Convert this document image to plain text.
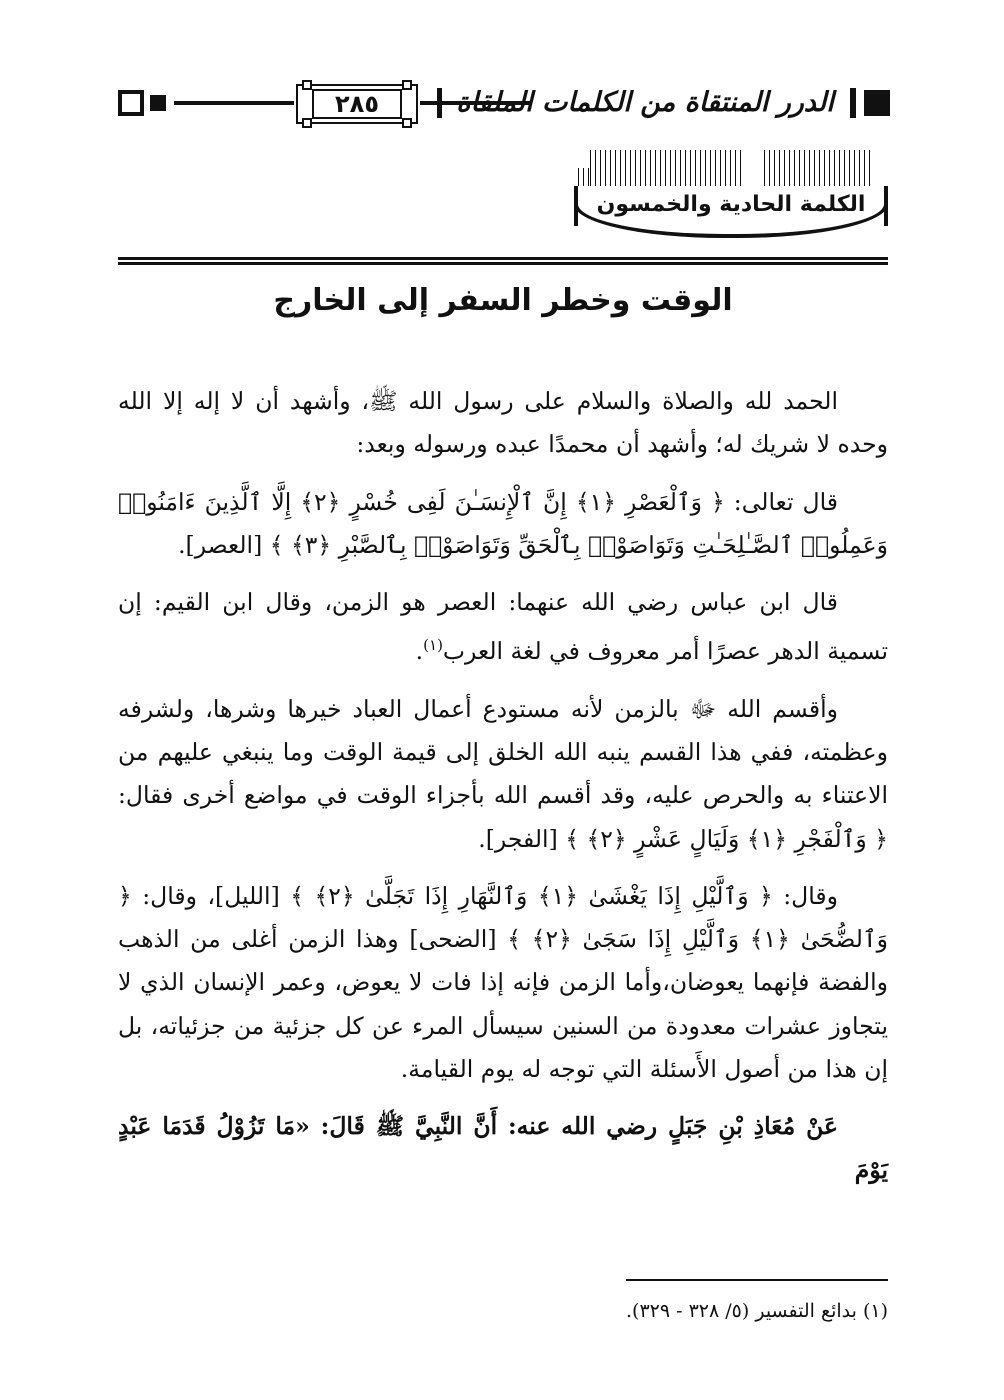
٢٨٥	الدرر المنتقاة من الكلمات الملقاة
الكلمة الحادية والخمسون
الوقت وخطر السفر إلى الخارج

الحمد لله والصلاة والسلام على رسول الله ﷺ، وأشهد أن لا إله إلا الله وحده لا شريك له؛ وأشهد أن محمدًا عبده ورسوله وبعد:

قال تعالى: ﴿ وَٱلْعَصْرِ ﴿١﴾ إِنَّ ٱلْإِنسَـٰنَ لَفِى خُسْرٍ ﴿٢﴾ إِلَّا ٱلَّذِينَ ءَامَنُوا۟ وَعَمِلُوا۟ ٱلصَّـٰلِحَـٰتِ وَتَوَاصَوْا۟ بِٱلْحَقِّ وَتَوَاصَوْا۟ بِٱلصَّبْرِ ﴿٣﴾ ﴾ [العصر].

قال ابن عباس رضي الله عنهما: العصر هو الزمن، وقال ابن القيم: إن تسمية الدهر عصرًا أمر معروف في لغة العرب$^{(١)}$.

وأقسم الله ﷻ بالزمن لأنه مستودع أعمال العباد خيرها وشرها، ولشرفه وعظمته، ففي هذا القسم ينبه الله الخلق إلى قيمة الوقت وما ينبغي عليهم من الاعتناء به والحرص عليه، وقد أقسم الله بأجزاء الوقت في مواضع أخرى فقال: ﴿ وَٱلْفَجْرِ ﴿١﴾ وَلَيَالٍ عَشْرٍ ﴿٢﴾ ﴾ [الفجر].

وقال: ﴿ وَٱلَّيْلِ إِذَا يَغْشَىٰ ﴿١﴾ وَٱلنَّهَارِ إِذَا تَجَلَّىٰ ﴿٢﴾ ﴾ [الليل]، وقال: ﴿ وَٱلضُّحَىٰ ﴿١﴾ وَٱلَّيْلِ إِذَا سَجَىٰ ﴿٢﴾ ﴾ [الضحى] وهذا الزمن أغلى من الذهب والفضة فإنهما يعوضان،وأما الزمن فإنه إذا فات لا يعوض، وعمر الإنسان الذي لا يتجاوز عشرات معدودة من السنين سيسأل المرء عن كل جزئية من جزئياته، بل إن هذا من أصول الأَسئلة التي توجه له يوم القيامة.

عَنْ مُعَاذِ بْنِ جَبَلٍ رضي الله عنه: أَنَّ النَّبِيَّ ﷺ قَالَ: «مَا تَزُوْلُ قَدَمَا عَبْدٍ يَوْمَ

(١) بدائع التفسير (٥/ ٣٢٨ - ٣٢٩).
